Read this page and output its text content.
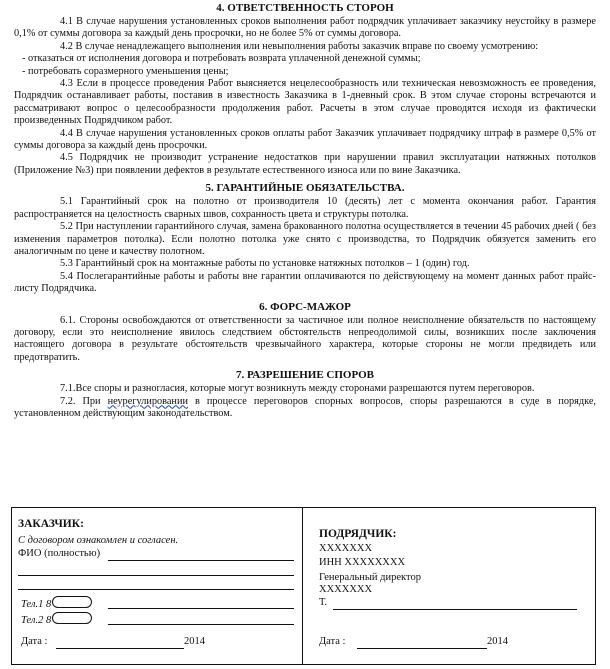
4. ОТВЕТСТВЕННОСТЬ СТОРОН

4.1 В случае нарушения установленных сроков выполнения работ подрядчик уплачивает заказчику неустойку в размере 0,1% от суммы договора за каждый день просрочки, но не более 5% от суммы договора.

4.2 В случае ненадлежащего выполнения или невыполнения работы заказчик вправе по своему усмотрению:

- отказаться от исполнения договора и потребовать возврата уплаченной денежной суммы;

- потребовать соразмерного уменьшения цены;

4.3 Если в процессе проведения Работ выясняется нецелесообразность или техническая невозможность ее проведения, Подрядчик останавливает работы, поставив в известность Заказчика в 1-дневный срок. В этом случае стороны встречаются и рассматривают вопрос о целесообразности продолжения работ. Расчеты в этом случае проводятся исходя из фактически произведенных Подрядчиком работ.

4.4 В случае нарушения установленных сроков оплаты работ Заказчик уплачивает подрядчику штраф в размере 0,5% от суммы договора за каждый день просрочки.

4.5 Подрядчик не производит устранение недостатков при нарушении правил эксплуатации натяжных потолков (Приложение №3) при появлении дефектов в результате естественного износа или по вине Заказчика.

5. ГАРАНТИЙНЫЕ ОБЯЗАТЕЛЬСТВА.

5.1 Гарантийный срок на полотно от производителя 10 (десять) лет с момента окончания работ. Гарантия распространяется на целостность сварных швов, сохранность цвета и структуры потолка.

5.2 При наступлении гарантийного случая, замена бракованного полотна осуществляется в течении 45 рабочих дней ( без изменения параметров потолка). Если полотно потолка уже снято с производства, то Подрядчик обязуется заменить его аналогичным по цене и качеству полотном.

5.3 Гарантийный срок на монтажные работы по установке натяжных потолков – 1 (один) год.

5.4 Послегарантийные работы и работы вне гарантии оплачиваются по действующему на момент данных работ прайс-листу Подрядчика.

6. ФОРС-МАЖОР

6.1. Стороны освобождаются от ответственности за частичное или полное неисполнение обязательств по настоящему договору, если это неисполнение явилось следствием обстоятельств непреодолимой силы, возникших после заключения настоящего договора в результате обстоятельств чрезвычайного характера, которые стороны не могли предвидеть или предотвратить.

7. РАЗРЕШЕНИЕ СПОРОВ

7.1.Все споры и разногласия, которые могут возникнуть между сторонами разрешаются путем переговоров.

7.2. При неурегулировании в процессе переговоров спорных вопросов, споры разрешаются в суде в порядке, установленном действующим законодательством.

ЗАКАЗЧИК:
С договором ознакомлен и согласен.
ФИО (полностью)
Тел.1 8
Тел.2 8
Дата :	2014
ПОДРЯДЧИК:
XXXXXXX
ИНН XXXXXXXX
Генеральный директор
XXXXXXX
Т.
Дата :	2014
